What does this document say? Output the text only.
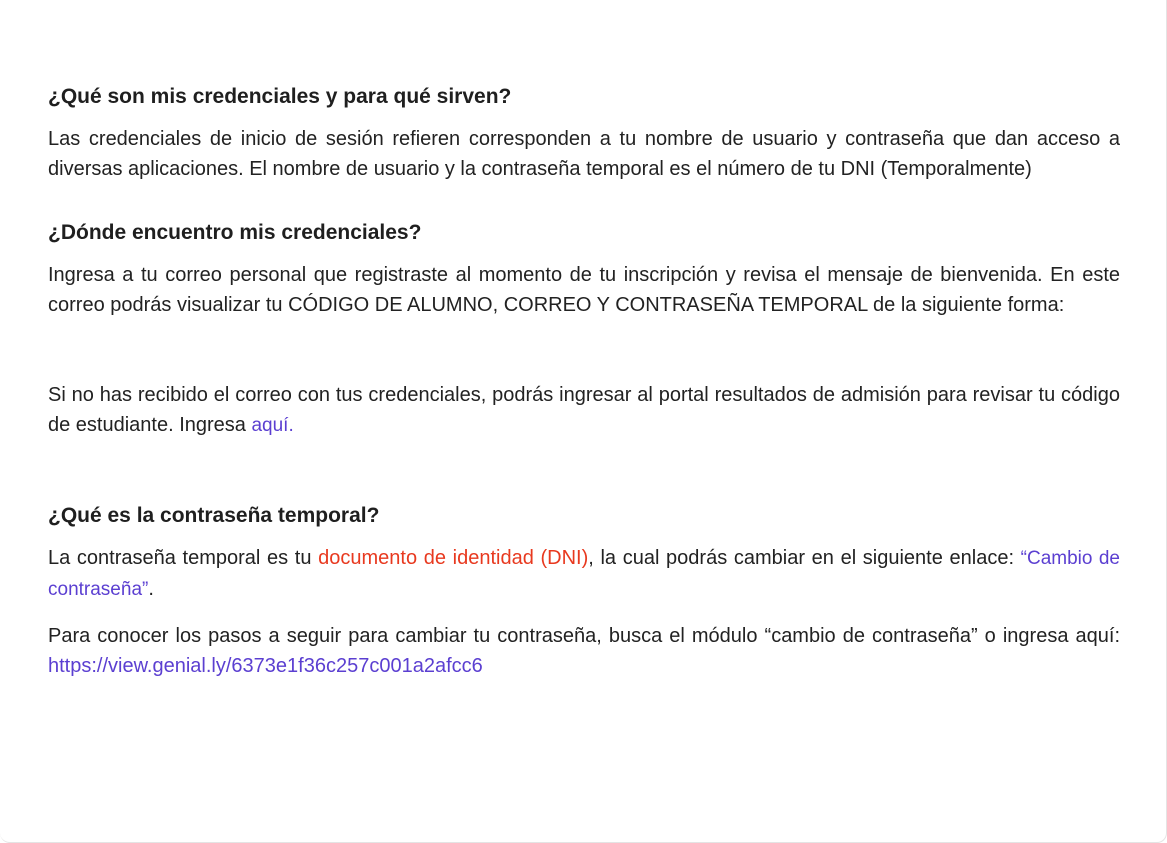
¿Qué son mis credenciales y para qué sirven?

Las credenciales de inicio de sesión refieren corresponden a tu nombre de usuario y contraseña que dan acceso a diversas aplicaciones. El nombre de usuario y la contraseña temporal es el número de tu DNI (Temporalmente)

¿Dónde encuentro mis credenciales?

Ingresa a tu correo personal que registraste al momento de tu inscripción y revisa el mensaje de bienvenida. En este correo podrás visualizar tu CÓDIGO DE ALUMNO, CORREO Y CONTRASEÑA TEMPORAL de la siguiente forma:

Si no has recibido el correo con tus credenciales, podrás ingresar al portal resultados de admisión para revisar tu código de estudiante. Ingresa aquí.

¿Qué es la contraseña temporal?

La contraseña temporal es tu documento de identidad (DNI), la cual podrás cambiar en el siguiente enlace: “Cambio de contraseña”.

Para conocer los pasos a seguir para cambiar tu contraseña, busca el módulo “cambio de contraseña” o ingresa aquí: https://view.genial.ly/6373e1f36c257c001a2afcc6
